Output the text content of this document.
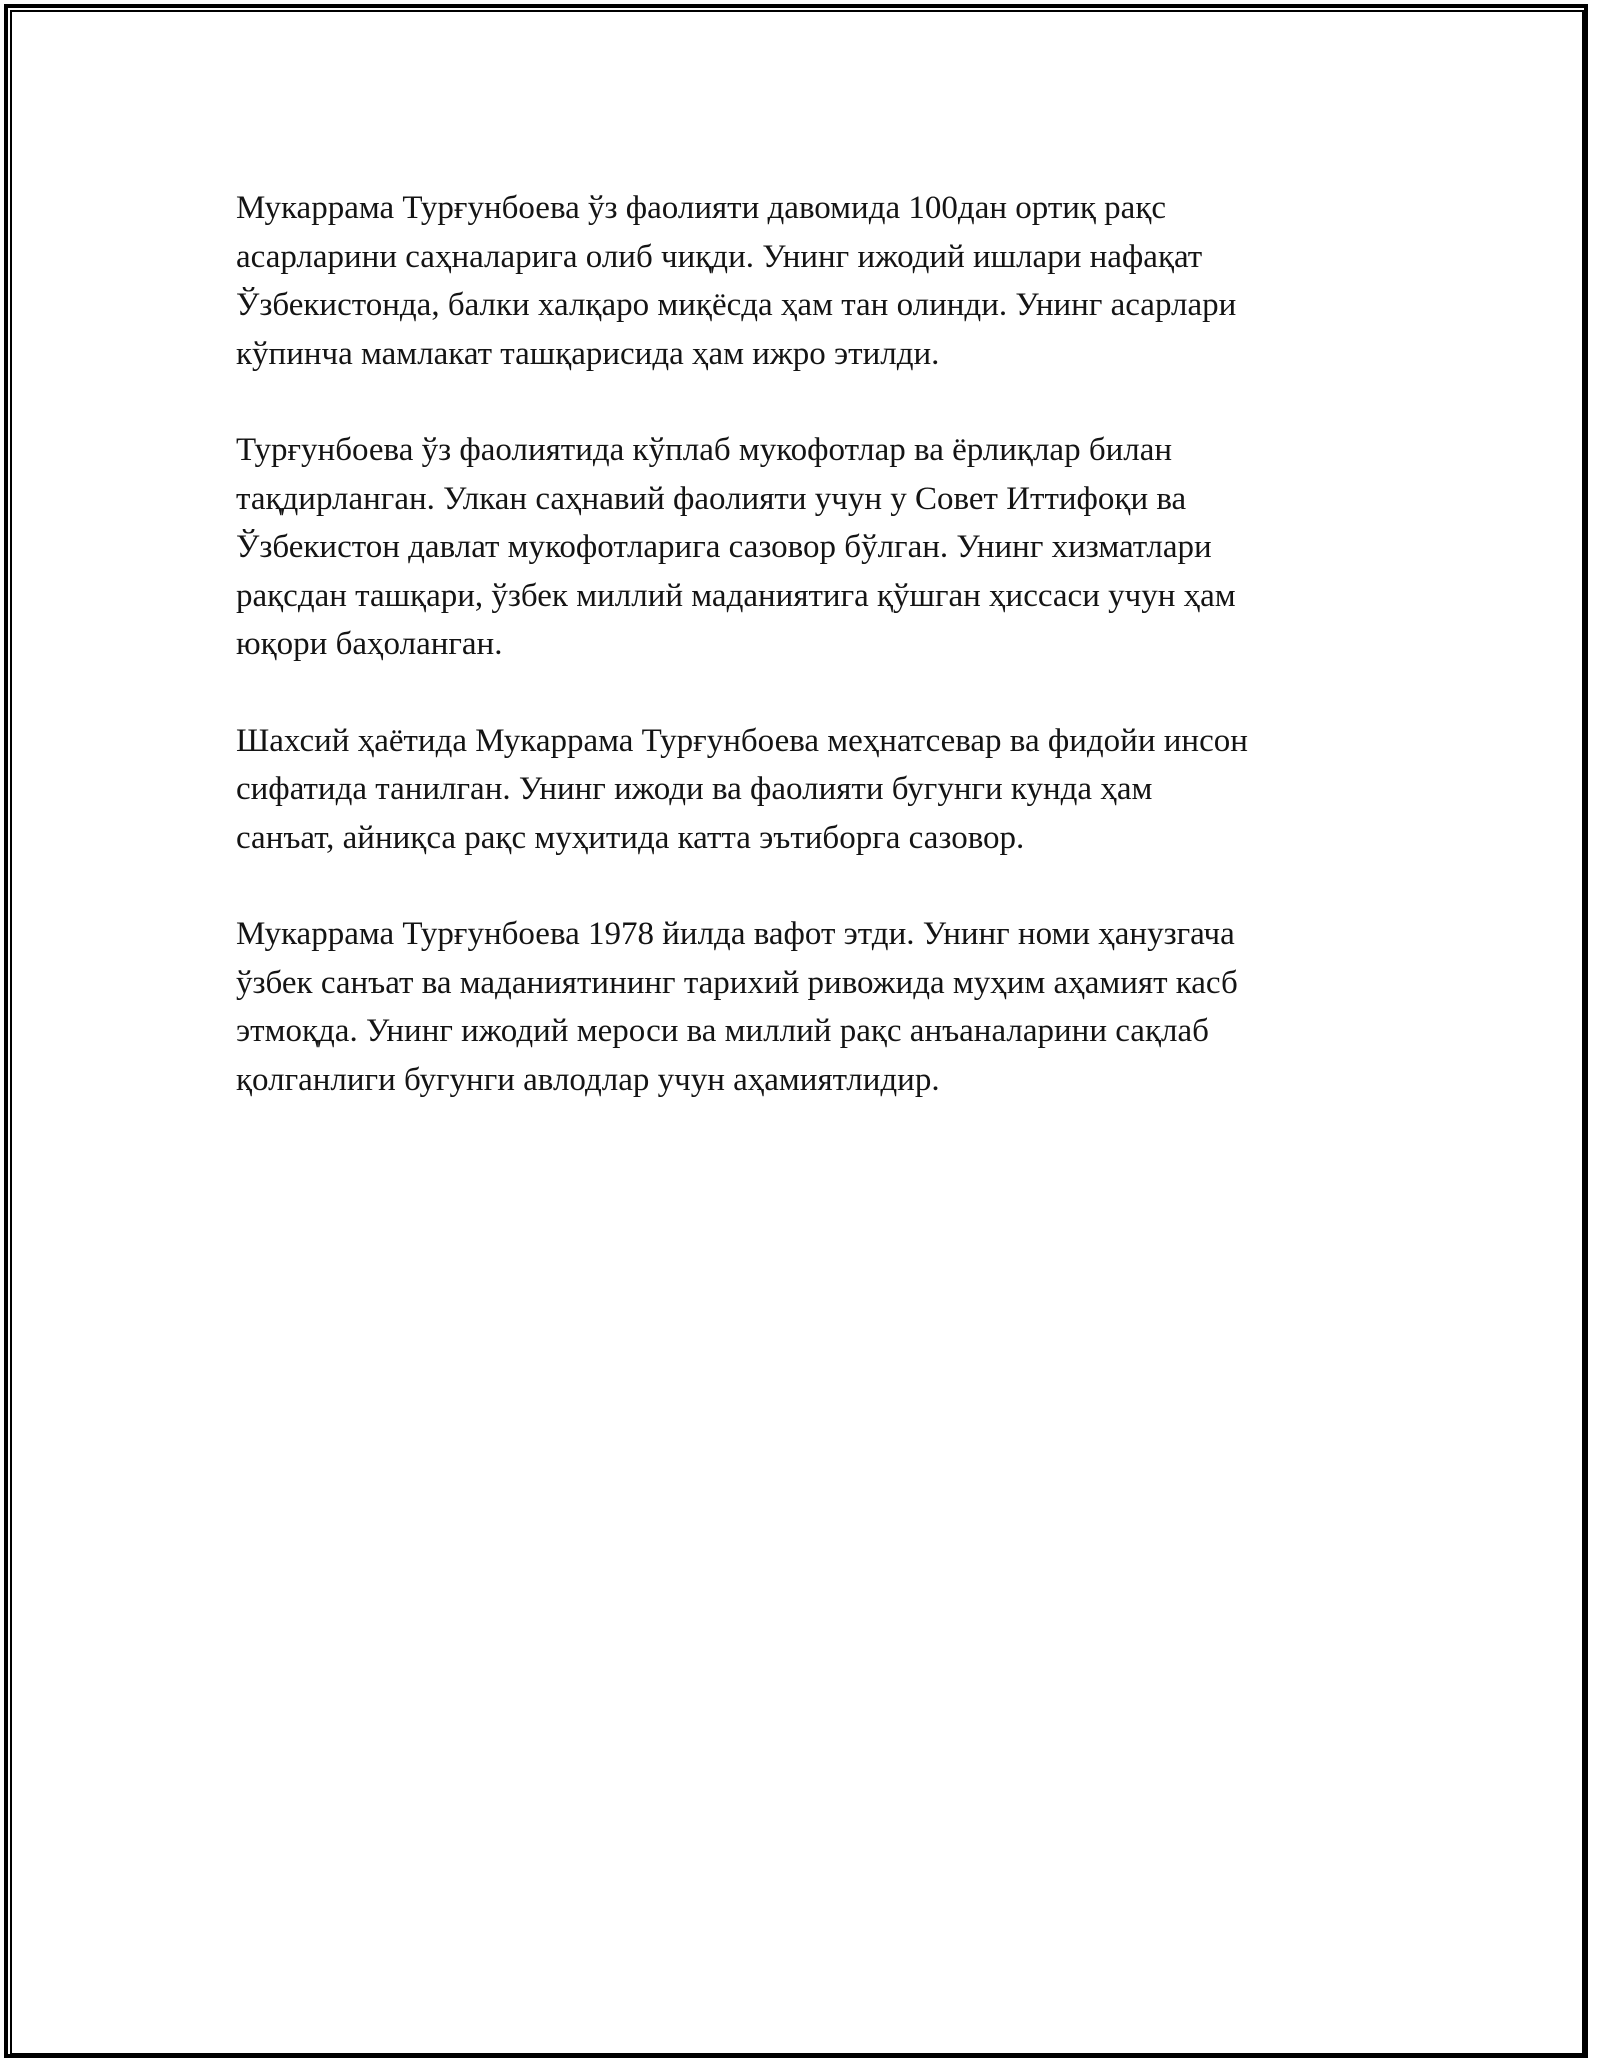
Мукаррама Турғунбоева ўз фаолияти давомида 100дан ортиқ рақс
асарларини саҳналарига олиб чиқди. Унинг ижодий ишлари нафақат
Ўзбекистонда, балки халқаро миқёсда ҳам тан олинди. Унинг асарлари
кўпинча мамлакат ташқарисида ҳам ижро этилди.

Турғунбоева ўз фаолиятида кўплаб мукофотлар ва ёрлиқлар билан
тақдирланган. Улкан саҳнавий фаолияти учун у Совет Иттифоқи ва
Ўзбекистон давлат мукофотларига сазовор бўлган. Унинг хизматлари
рақсдан ташқари, ўзбек миллий маданиятига қўшган ҳиссаси учун ҳам
юқори баҳоланган.

Шахсий ҳаётида Мукаррама Турғунбоева меҳнатсевар ва фидойи инсон
сифатида танилган. Унинг ижоди ва фаолияти бугунги кунда ҳам
санъат, айниқса рақс муҳитида катта эътиборга сазовор.

Мукаррама Турғунбоева 1978 йилда вафот этди. Унинг номи ҳанузгача
ўзбек санъат ва маданиятининг тарихий ривожида муҳим аҳамият касб
этмоқда. Унинг ижодий мероси ва миллий рақс анъаналарини сақлаб
қолганлиги бугунги авлодлар учун аҳамиятлидир.
